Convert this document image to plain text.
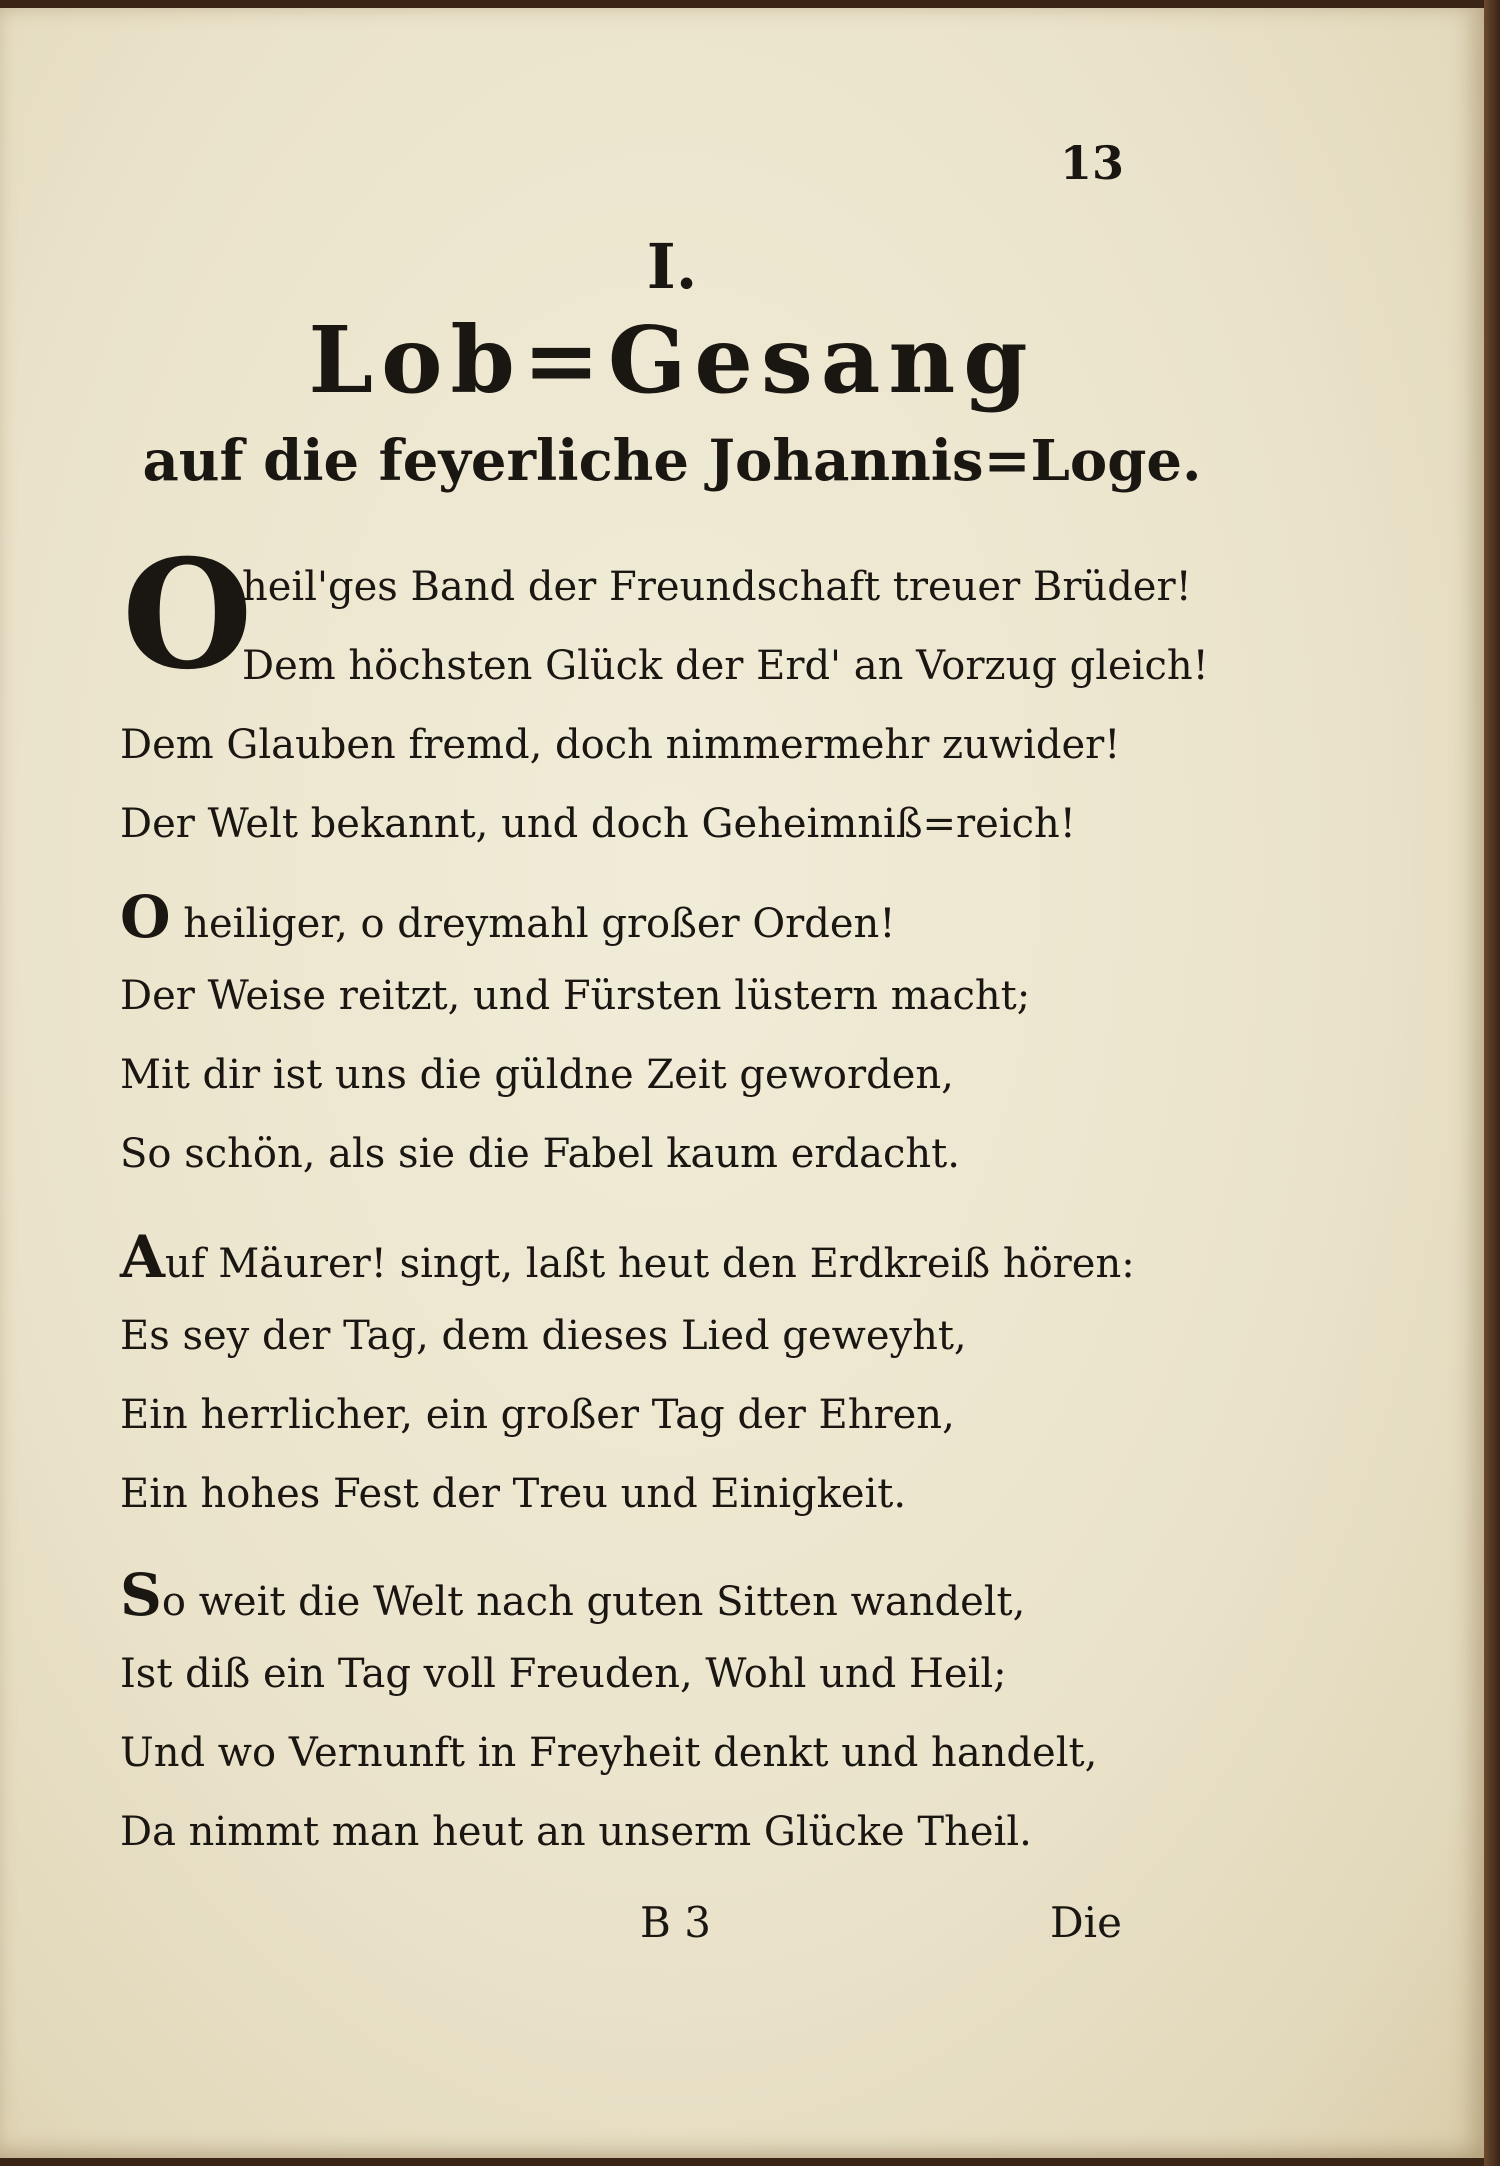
13
I.
Lob=Gesang
auf die feyerliche Johannis=Loge.
O
heil'ges Band der Freundschaft treuer Brüder!
Dem höchsten Glück der Erd' an Vorzug gleich!
Dem Glauben fremd, doch nimmermehr zuwider!
Der Welt bekannt, und doch Geheimniß=reich!
O heiliger, o dreymahl großer Orden!
Der Weise reitzt, und Fürsten lüstern macht;
Mit dir ist uns die güldne Zeit geworden,
So schön, als sie die Fabel kaum erdacht.
Auf Mäurer! singt, laßt heut den Erdkreiß hören:
Es sey der Tag, dem dieses Lied geweyht,
Ein herrlicher, ein großer Tag der Ehren,
Ein hohes Fest der Treu und Einigkeit.
So weit die Welt nach guten Sitten wandelt,
Ist diß ein Tag voll Freuden, Wohl und Heil;
Und wo Vernunft in Freyheit denkt und handelt,
Da nimmt man heut an unserm Glücke Theil.
B 3	Die
